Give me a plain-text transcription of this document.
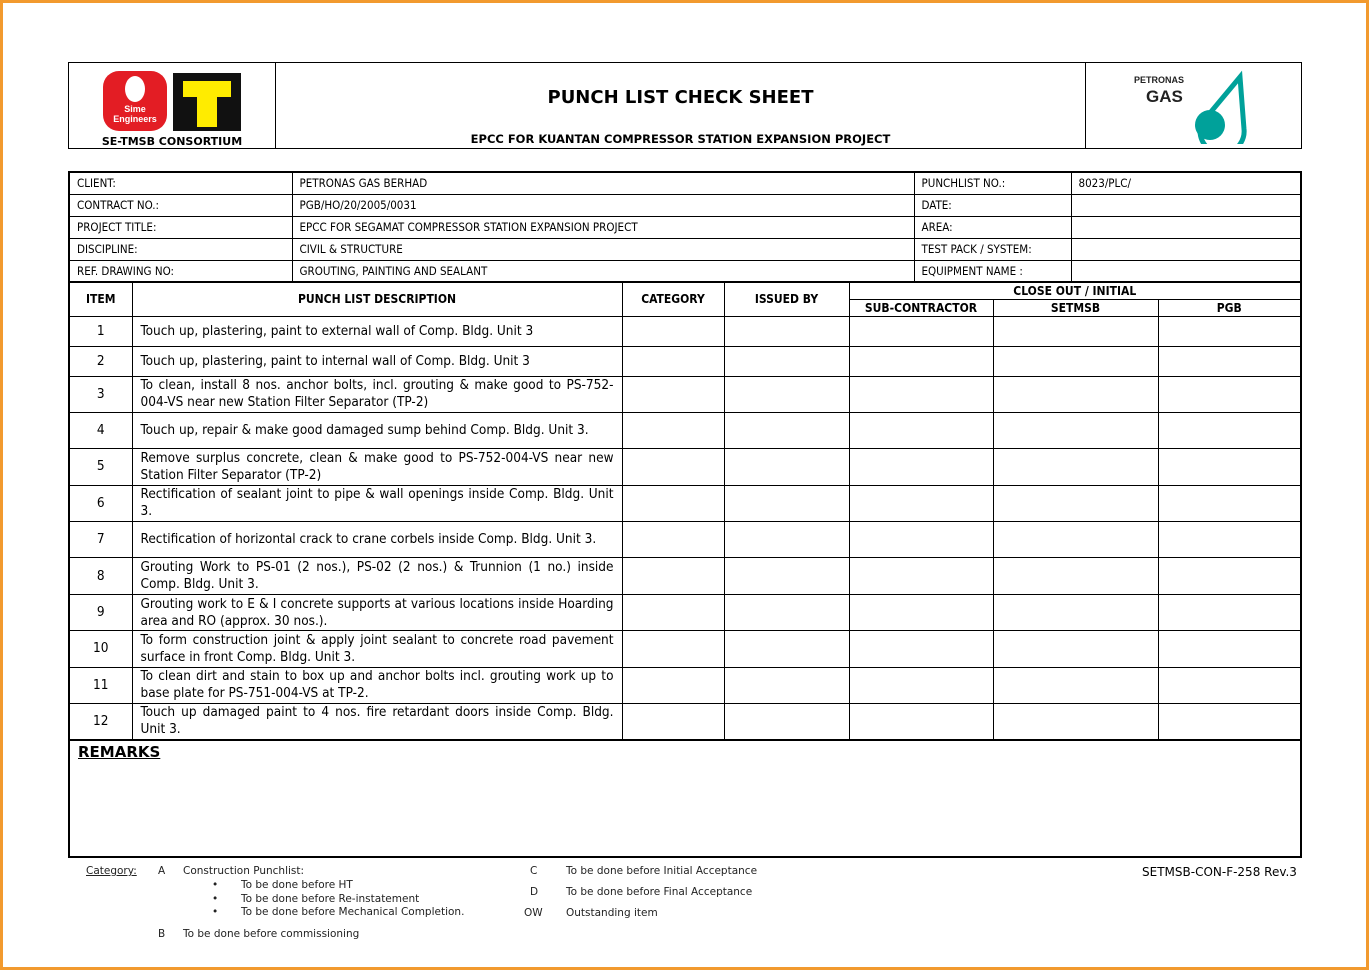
Sime
Engineers
SE-TMSB CONSORTIUM
PUNCH LIST CHECK SHEET
EPCC FOR KUANTAN COMPRESSOR STATION EXPANSION PROJECT
PETRONAS
GAS
CLIENT:	PETRONAS GAS BERHAD	PUNCHLIST NO.:	8023/PLC/
CONTRACT NO.:	PGB/HO/20/2005/0031	DATE:	
PROJECT TITLE:	EPCC FOR SEGAMAT COMPRESSOR STATION EXPANSION PROJECT	AREA:	
DISCIPLINE:	CIVIL & STRUCTURE	TEST PACK / SYSTEM:	
REF. DRAWING NO:	GROUTING, PAINTING AND SEALANT	EQUIPMENT NAME :	
ITEM	PUNCH LIST DESCRIPTION	CATEGORY	ISSUED BY	CLOSE OUT / INITIAL		
				SUB-CONTRACTOR	SETMSB	PGB
1	Touch up, plastering, paint to external wall of Comp. Bldg. Unit 3					
2	Touch up, plastering, paint to internal wall of Comp. Bldg. Unit 3					
3	To clean, install 8 nos. anchor bolts, incl. grouting & make good to PS-752-004-VS near new Station Filter Separator (TP-2)					
4	Touch up, repair & make good damaged sump behind Comp. Bldg. Unit 3.					
5	Remove surplus concrete, clean & make good to PS-752-004-VS near new Station Filter Separator (TP-2)					
6	Rectification of sealant joint to pipe & wall openings inside Comp. Bldg. Unit 3.					
7	Rectification of horizontal crack to crane corbels inside Comp. Bldg. Unit 3.					
8	Grouting Work to PS-01 (2 nos.), PS-02 (2 nos.) & Trunnion (1 no.) inside Comp. Bldg. Unit 3.					
9	Grouting work to E & I concrete supports at various locations inside Hoarding area and RO (approx. 30 nos.).					
10	To form construction joint & apply joint sealant to concrete road pavement surface in front Comp. Bldg. Unit 3.					
11	To clean dirt and stain to box up and anchor bolts incl. grouting work up to base plate for PS-751-004-VS at TP-2.					
12	Touch up damaged paint to 4 nos. fire retardant doors inside Comp. Bldg. Unit 3.					
REMARKS
Category: A Construction Punchlist:
• To be done before HT
• To be done before Re-instatement
• To be done before Mechanical Completion.
B To be done before commissioning
C	To be done before Initial Acceptance
D	To be done before Final Acceptance
OW Outstanding item
SETMSB-CON-F-258 Rev.3
